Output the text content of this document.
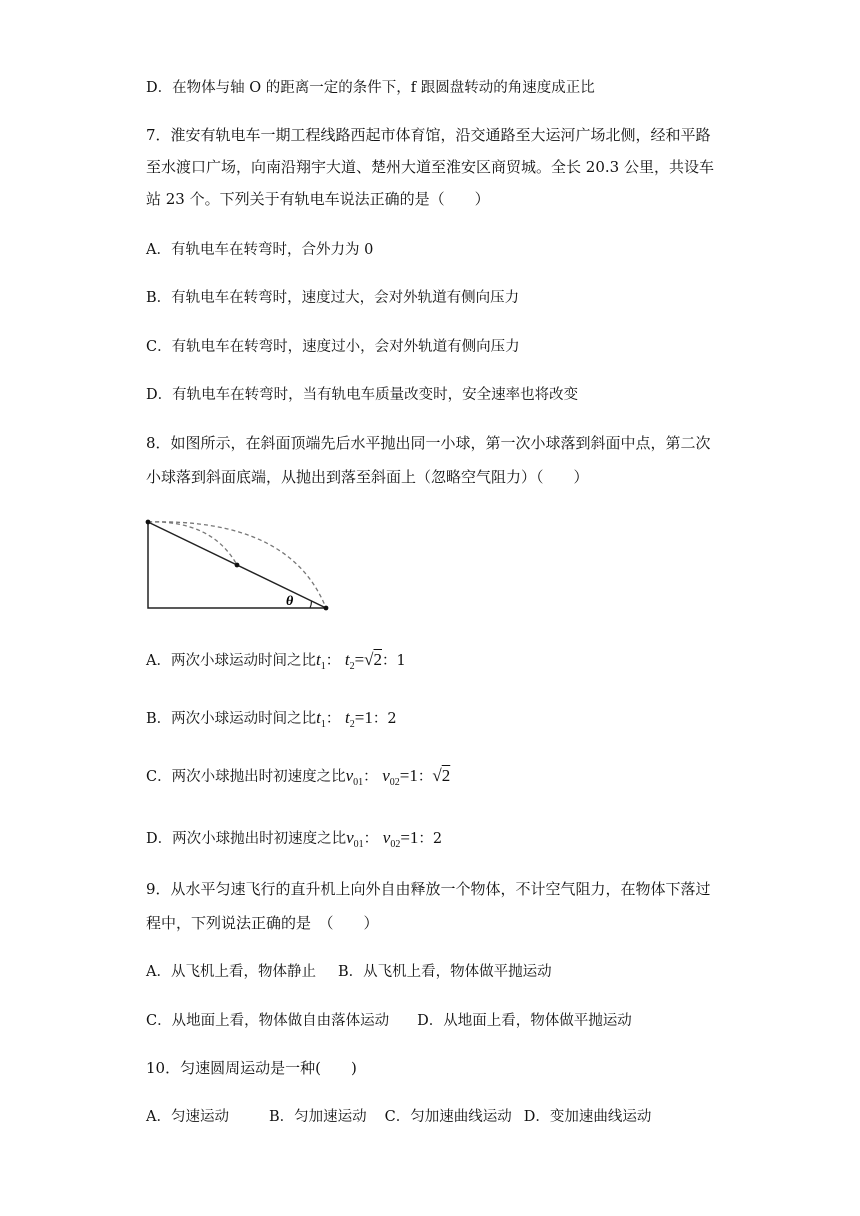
D．在物体与轴 O 的距离一定的条件下，f 跟圆盘转动的角速度成正比
7．淮安有轨电车一期工程线路西起市体育馆，沿交通路至大运河广场北侧，经和平路
至水渡口广场，向南沿翔宇大道、楚州大道至淮安区商贸城。全长 20.3 公里，共设车
站 23 个。下列关于有轨电车说法正确的是（　　）
A．有轨电车在转弯时，合外力为 0
B．有轨电车在转弯时，速度过大，会对外轨道有侧向压力
C．有轨电车在转弯时，速度过小，会对外轨道有侧向压力
D．有轨电车在转弯时，当有轨电车质量改变时，安全速率也将改变
8．如图所示，在斜面顶端先后水平抛出同一小球，第一次小球落到斜面中点，第二次
小球落到斜面底端，从抛出到落至斜面上（忽略空气阻力）（　　）
θ
A．两次小球运动时间之比$t_1$： $t_2=√2$：1
B．两次小球运动时间之比$t_1$： $t_2=1$：2
C．两次小球抛出时初速度之比$v_{01}$： $v_{02}=1$：√2
D．两次小球抛出时初速度之比$v_{01}$： $v_{02}=1$：2
9．从水平匀速飞行的直升机上向外自由释放一个物体，不计空气阻力，在物体下落过
程中，下列说法正确的是　（　　）
A．从飞机上看，物体静止 B．从飞机上看，物体做平抛运动
C．从地面上看，物体做自由落体运动 D．从地面上看，物体做平抛运动
10．匀速圆周运动是一种(　　)
A．匀速运动	B．匀加速运动 C．匀加速曲线运动 D．变加速曲线运动
